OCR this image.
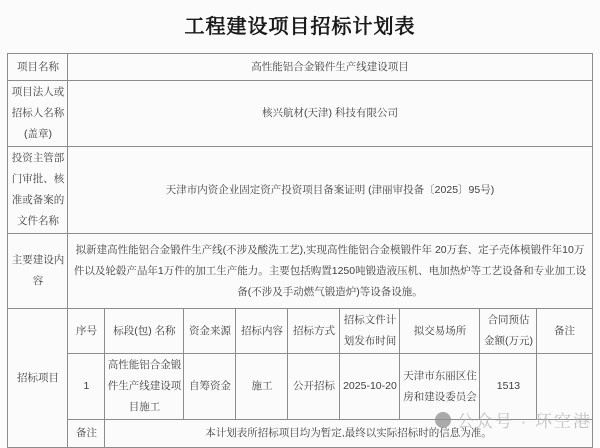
工程建设项目招标计划表
项目名称	高性能铝合金锻件生产线建设项目								
项目法人或招标人名称(盖章)	核兴航材(天津) 科技有限公司								
投资主管部门审批、核准或备案的文件名称	天津市内资企业固定资产投资项目备案证明 (津丽审投备〔2025〕95号)								
主要建设内容	拟新建高性能铝合金锻件生产线(不涉及酸洗工艺),实现高性能铝合金模锻件年 20万套、定子壳体模锻件年10万件以及轮毂产品年1万件的加工生产能力。主要包括购置1250吨锻造液压机、电加热炉等工艺设备和专业加工设备(不涉及手动燃气锻造炉)等设备设施。								
招标项目	序号	标段(包) 名称	资金来源	招标内容	招标方式	招标文件计划发布时间	拟交易场所	合同预估金额(万元)	备注
	1	高性能铝合金锻件生产线建设项目施工	自筹资金	施工	公开招标	2025-10-20	天津市东丽区住房和建设委员会	1513	
	备注	本计划表所招标项目均为暂定,最终以实际招标时的信息为准。							
公众号 · 环空港
